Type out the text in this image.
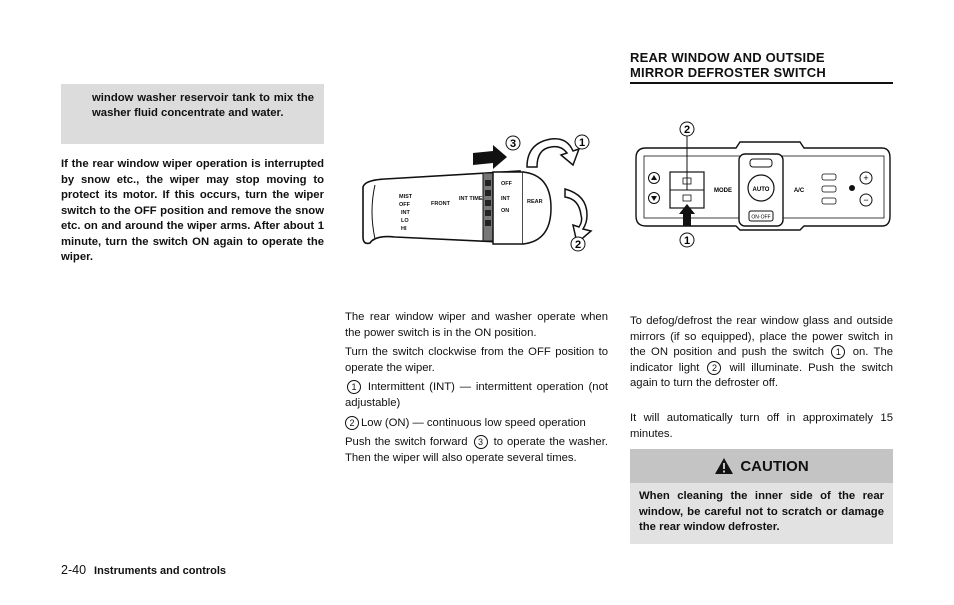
window washer reservoir tank to mix the washer fluid concentrate and water.
If the rear window wiper operation is interrupted by snow etc., the wiper may stop moving to protect its motor. If this occurs, turn the wiper switch to the OFF position and remove the snow etc. on and around the wiper arms. After about 1 minute, turn the switch ON again to operate the wiper.
MIST
OFF
INT
LO
HI
FRONT
INT TIME
OFF
INT
ON
REAR
3	1
2
The rear window wiper and washer operate when the power switch is in the ON position.
Turn the switch clockwise from the OFF position to operate the wiper.
1 Intermittent (INT) — intermittent operation (not adjustable)
2 Low (ON) — continuous low speed operation
Push the switch forward 3 to operate the washer. Then the wiper will also operate several times.
REAR WINDOW AND OUTSIDE
MIRROR DEFROSTER SWITCH
MODE	AUTO
ON·OFF
A/C
+
−
2
1
To defog/defrost the rear window glass and outside mirrors (if so equipped), place the power switch in the ON position and push the switch 1 on. The indicator light 2 will illuminate. Push the switch again to turn the defroster off.
It will automatically turn off in approximately 15 minutes.
CAUTION
When cleaning the inner side of the rear window, be careful not to scratch or damage the rear window defroster.
2-40 Instruments and controls
